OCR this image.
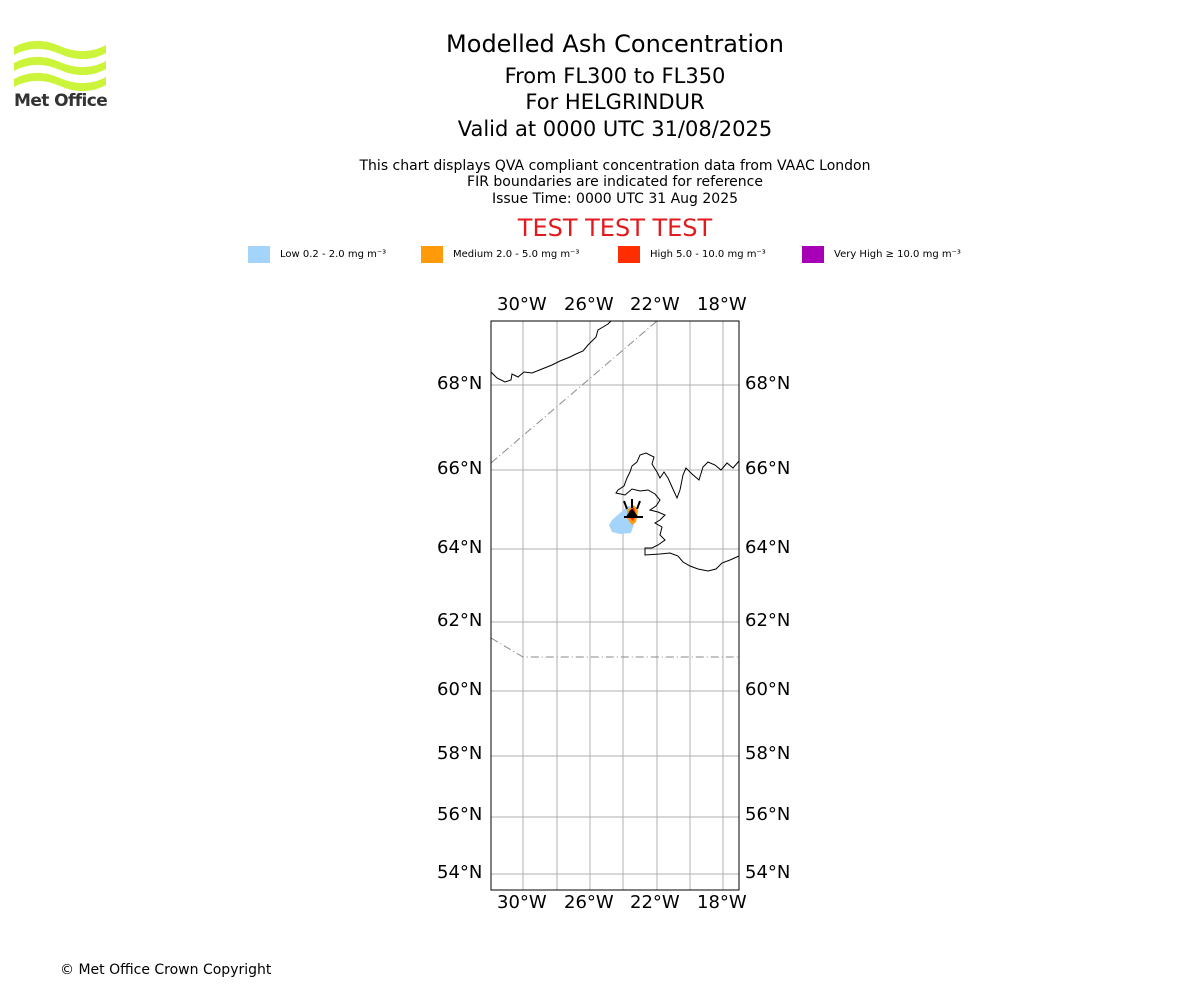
Met Office
Modelled Ash Concentration
From FL300 to FL350
For HELGRINDUR
Valid at 0000 UTC 31/08/2025
This chart displays QVA compliant concentration data from VAAC London
FIR boundaries are indicated for reference
Issue Time: 0000 UTC 31 Aug 2025
TEST TEST TEST
Low 0.2 - 2.0 mg m⁻³	Medium 2.0 - 5.0 mg m⁻³	High 5.0 - 10.0 mg m⁻³	Very High ≥ 10.0 mg m⁻³
30°W 26°W 22°W 18°W
30°W 26°W 22°W 18°W
68°N
66°N
64°N
62°N
60°N
58°N
56°N
54°N
68°N
66°N
64°N
62°N
60°N
58°N
56°N
54°N
© Met Office Crown Copyright
